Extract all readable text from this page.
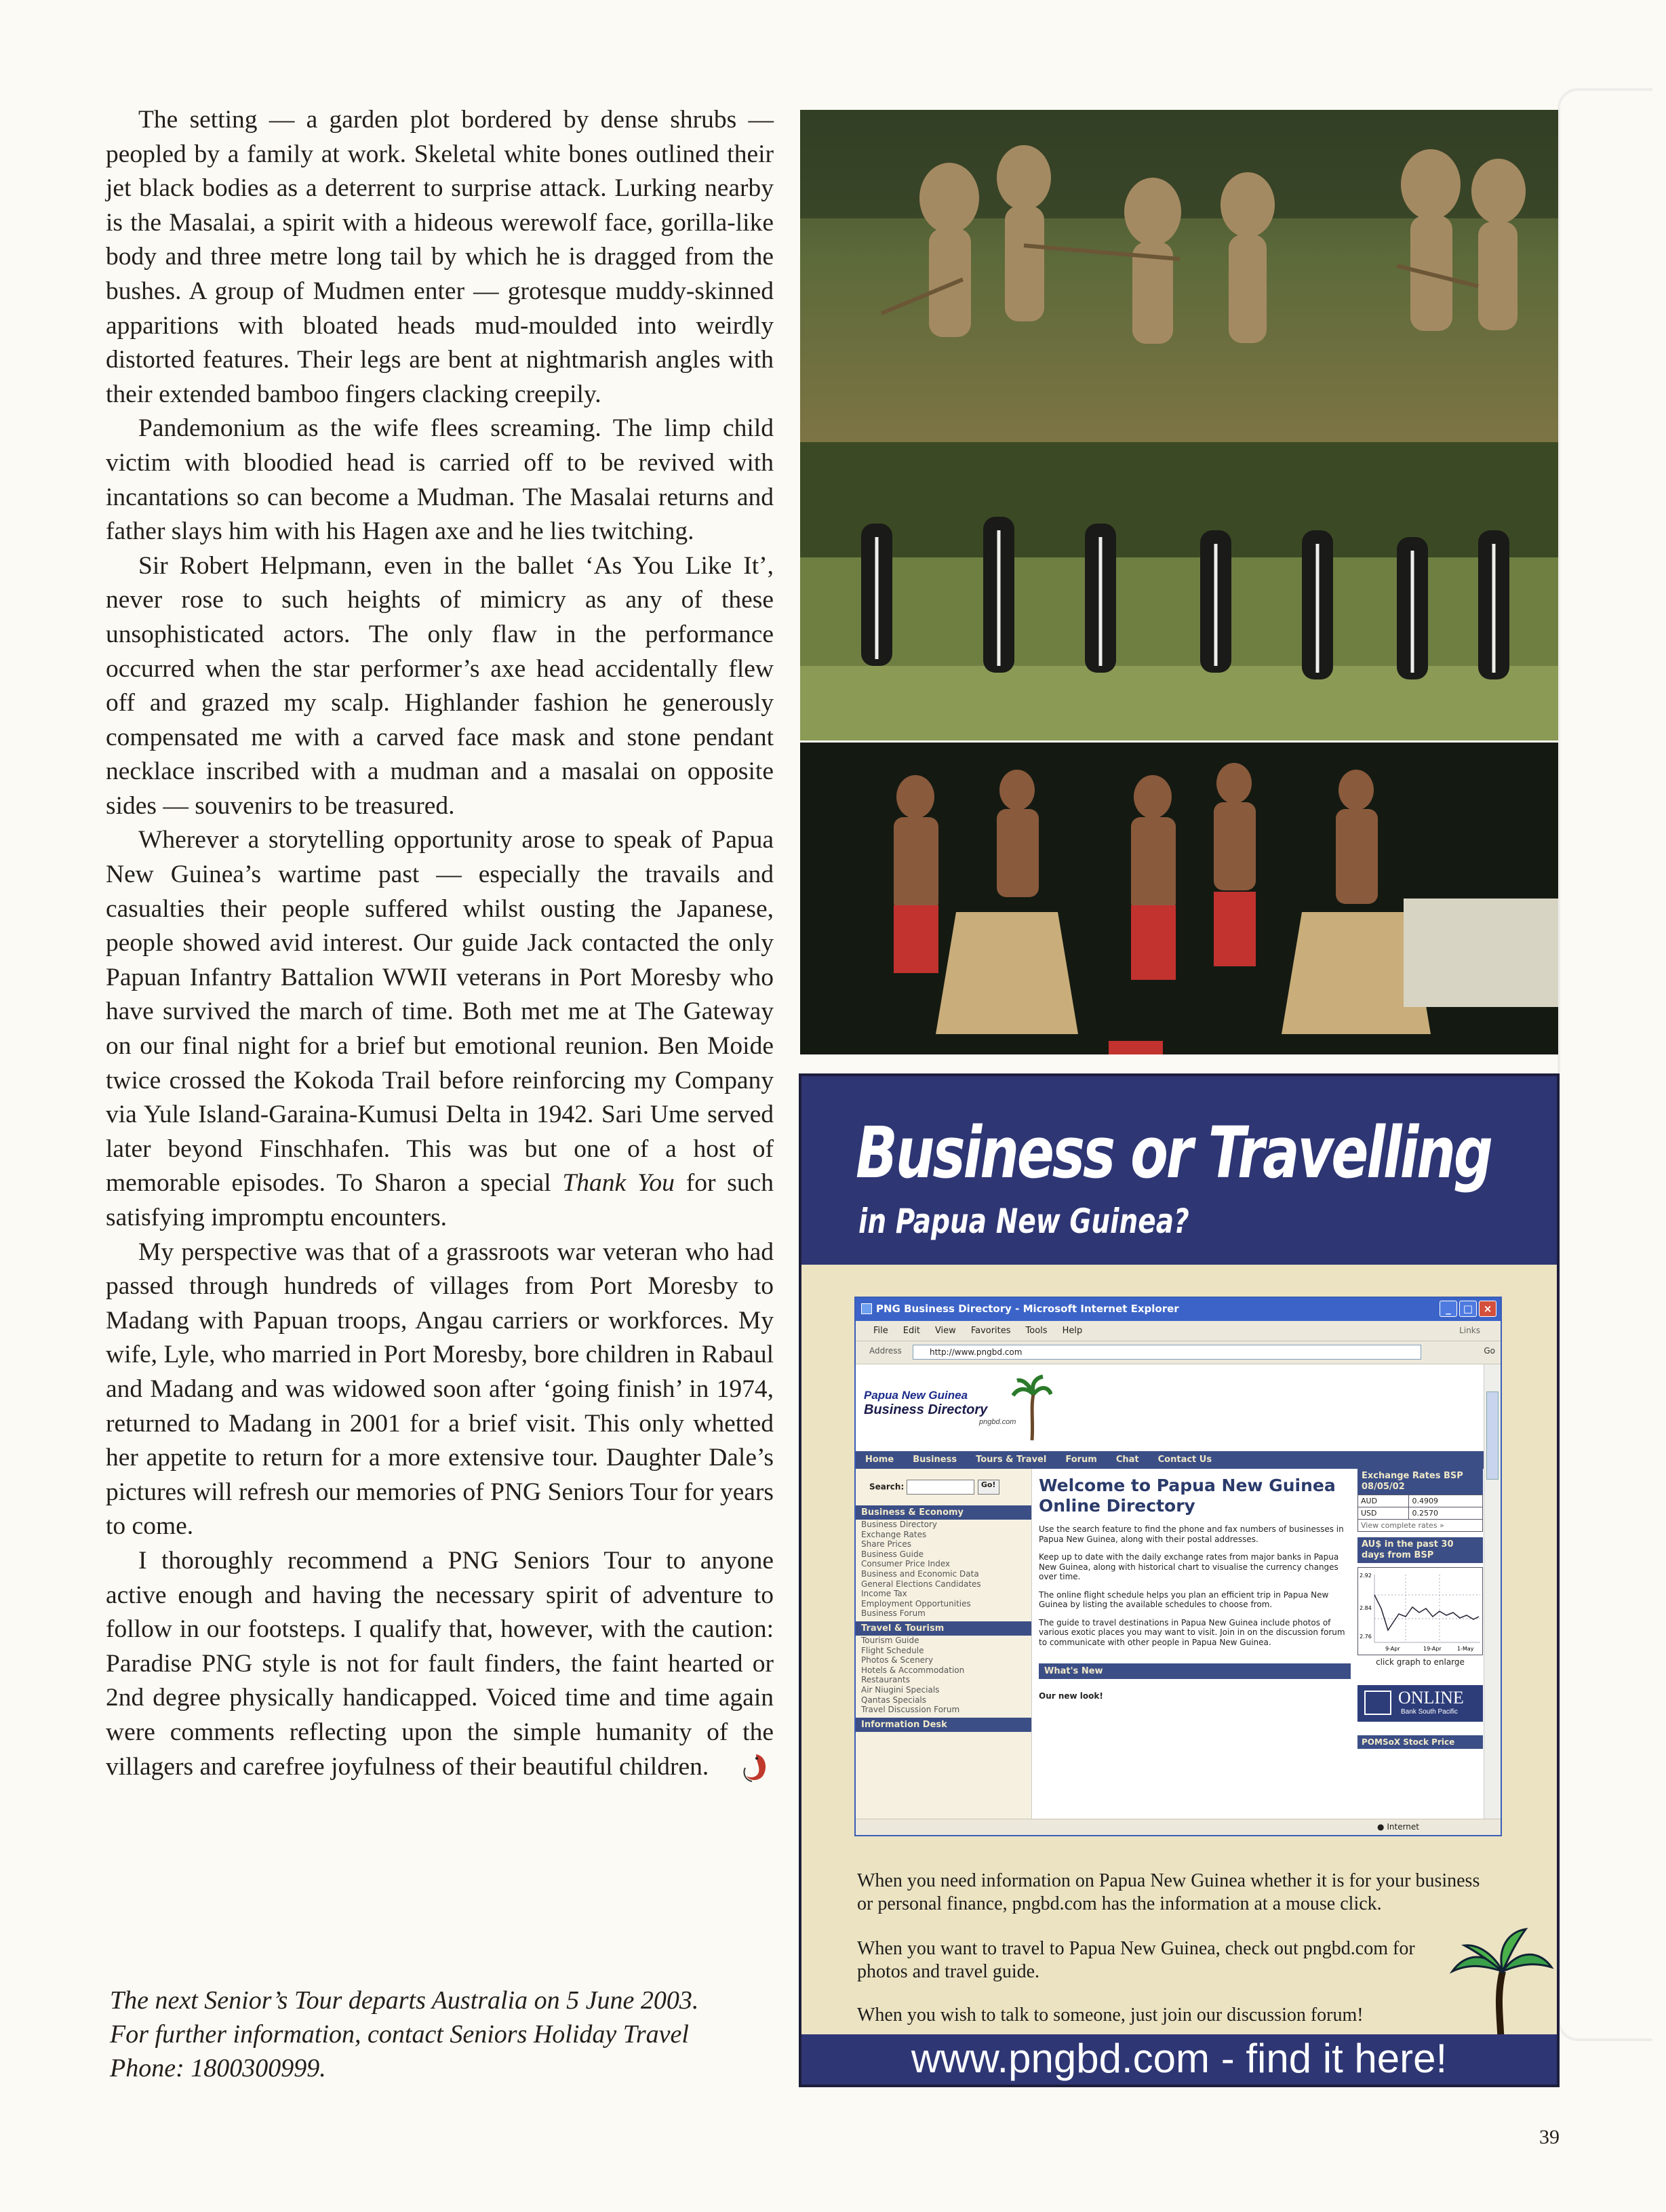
The setting — a garden plot bordered by dense shrubs — peopled by a family at work. Skeletal white bones outlined their jet black bodies as a deterrent to surprise attack. Lurking nearby is the Masalai, a spirit with a hideous werewolf face, gorilla-like body and three metre long tail by which he is dragged from the bushes. A group of Mudmen enter — grotesque muddy-skinned apparitions with bloated heads mud-moulded into weirdly distorted features. Their legs are bent at nightmarish angles with their extended bamboo fingers clacking creepily.

Pandemonium as the wife flees screaming. The limp child victim with bloodied head is carried off to be revived with incantations so can become a Mudman. The Masalai returns and father slays him with his Hagen axe and he lies twitching.

Sir Robert Helpmann, even in the ballet ‘As You Like It’, never rose to such heights of mimicry as any of these unsophisticated actors. The only flaw in the performance occurred when the star performer’s axe head accidentally flew off and grazed my scalp. Highlander fashion he generously compensated me with a carved face mask and stone pendant necklace inscribed with a mudman and a masalai on opposite sides — souvenirs to be treasured.

Wherever a storytelling opportunity arose to speak of Papua New Guinea’s wartime past — especially the travails and casualties their people suffered whilst ousting the Japanese, people showed avid interest. Our guide Jack contacted the only Papuan Infantry Battalion WWII veterans in Port Moresby who have survived the march of time. Both met me at The Gateway on our final night for a brief but emotional reunion. Ben Moide twice crossed the Kokoda Trail before reinforcing my Company via Yule Island-Garaina-Kumusi Delta in 1942. Sari Ume served later beyond Finschhafen. This was but one of a host of memorable episodes. To Sharon a special Thank You for such satisfying impromptu encounters.

My perspective was that of a grassroots war veteran who had passed through hundreds of villages from Port Moresby to Madang with Papuan troops, Angau carriers or workforces. My wife, Lyle, who married in Port Moresby, bore children in Rabaul and Madang and was widowed soon after ‘going finish’ in 1974, returned to Madang in 2001 for a brief visit. This only whetted her appetite to return for a more extensive tour. Daughter Dale’s pictures will refresh our memories of PNG Seniors Tour for years to come.

I thoroughly recommend a PNG Seniors Tour to anyone active enough and having the necessary spirit of adventure to follow in our footsteps. I qualify that, however, with the caution: Paradise PNG style is not for fault finders, the faint hearted or 2nd degree physically handicapped. Voiced time and time again were comments reflecting upon the simple humanity of the villagers and carefree joyfulness of their beautiful children.

The next Senior’s Tour departs Australia on 5 June 2003.
For further information, contact Seniors Holiday Travel
Phone: 1800300999.
Business or Travelling
in Papua New Guinea?
PNG Business Directory - Microsoft Internet Explorer	_	□	×
File Edit View Favorites Tools Help	Links
Address	http://www.pngbd.com	Go
Papua New Guinea
Business Directory
pngbd.com
Home Business Tours & Travel Forum Chat Contact Us
Search:	Go!
Business & Economy
Business Directory
Exchange Rates
Share Prices
Business Guide
Consumer Price Index
Business and Economic Data
General Elections Candidates
Income Tax
Employment Opportunities
Business Forum
Travel & Tourism
Tourism Guide
Flight Schedule
Photos & Scenery
Hotels & Accommodation
Restaurants
Air Niugini Specials
Qantas Specials
Travel Discussion Forum
Information Desk
Welcome to Papua New Guinea Online Directory

Use the search feature to find the phone and fax numbers of businesses in Papua New Guinea, along with their postal addresses.

Keep up to date with the daily exchange rates from major banks in Papua New Guinea, along with historical chart to visualise the currency changes over time.

The online flight schedule helps you plan an efficient trip in Papua New Guinea by listing the available schedules to choose from.

The guide to travel destinations in Papua New Guinea include photos of various exotic places you may want to visit. Join in on the discussion forum to communicate with other people in Papua New Guinea.

What's New
Our new look!
Exchange Rates BSP 08/05/02
AUD	0.4909
USD	0.2570
View complete rates »	
AU$ in the past 30 days from BSP
2.92
2.84
2.76
9-Apr	19-Apr	1-May
click graph to enlarge
ONLINE
Bank South Pacific
POMSoX Stock Price
● Internet
When you need information on Papua New Guinea whether it is for your business or personal finance, pngbd.com has the information at a mouse click.
When you want to travel to Papua New Guinea, check out pngbd.com for photos and travel guide.
When you wish to talk to someone, just join our discussion forum!
www.pngbd.com - find it here!
39
